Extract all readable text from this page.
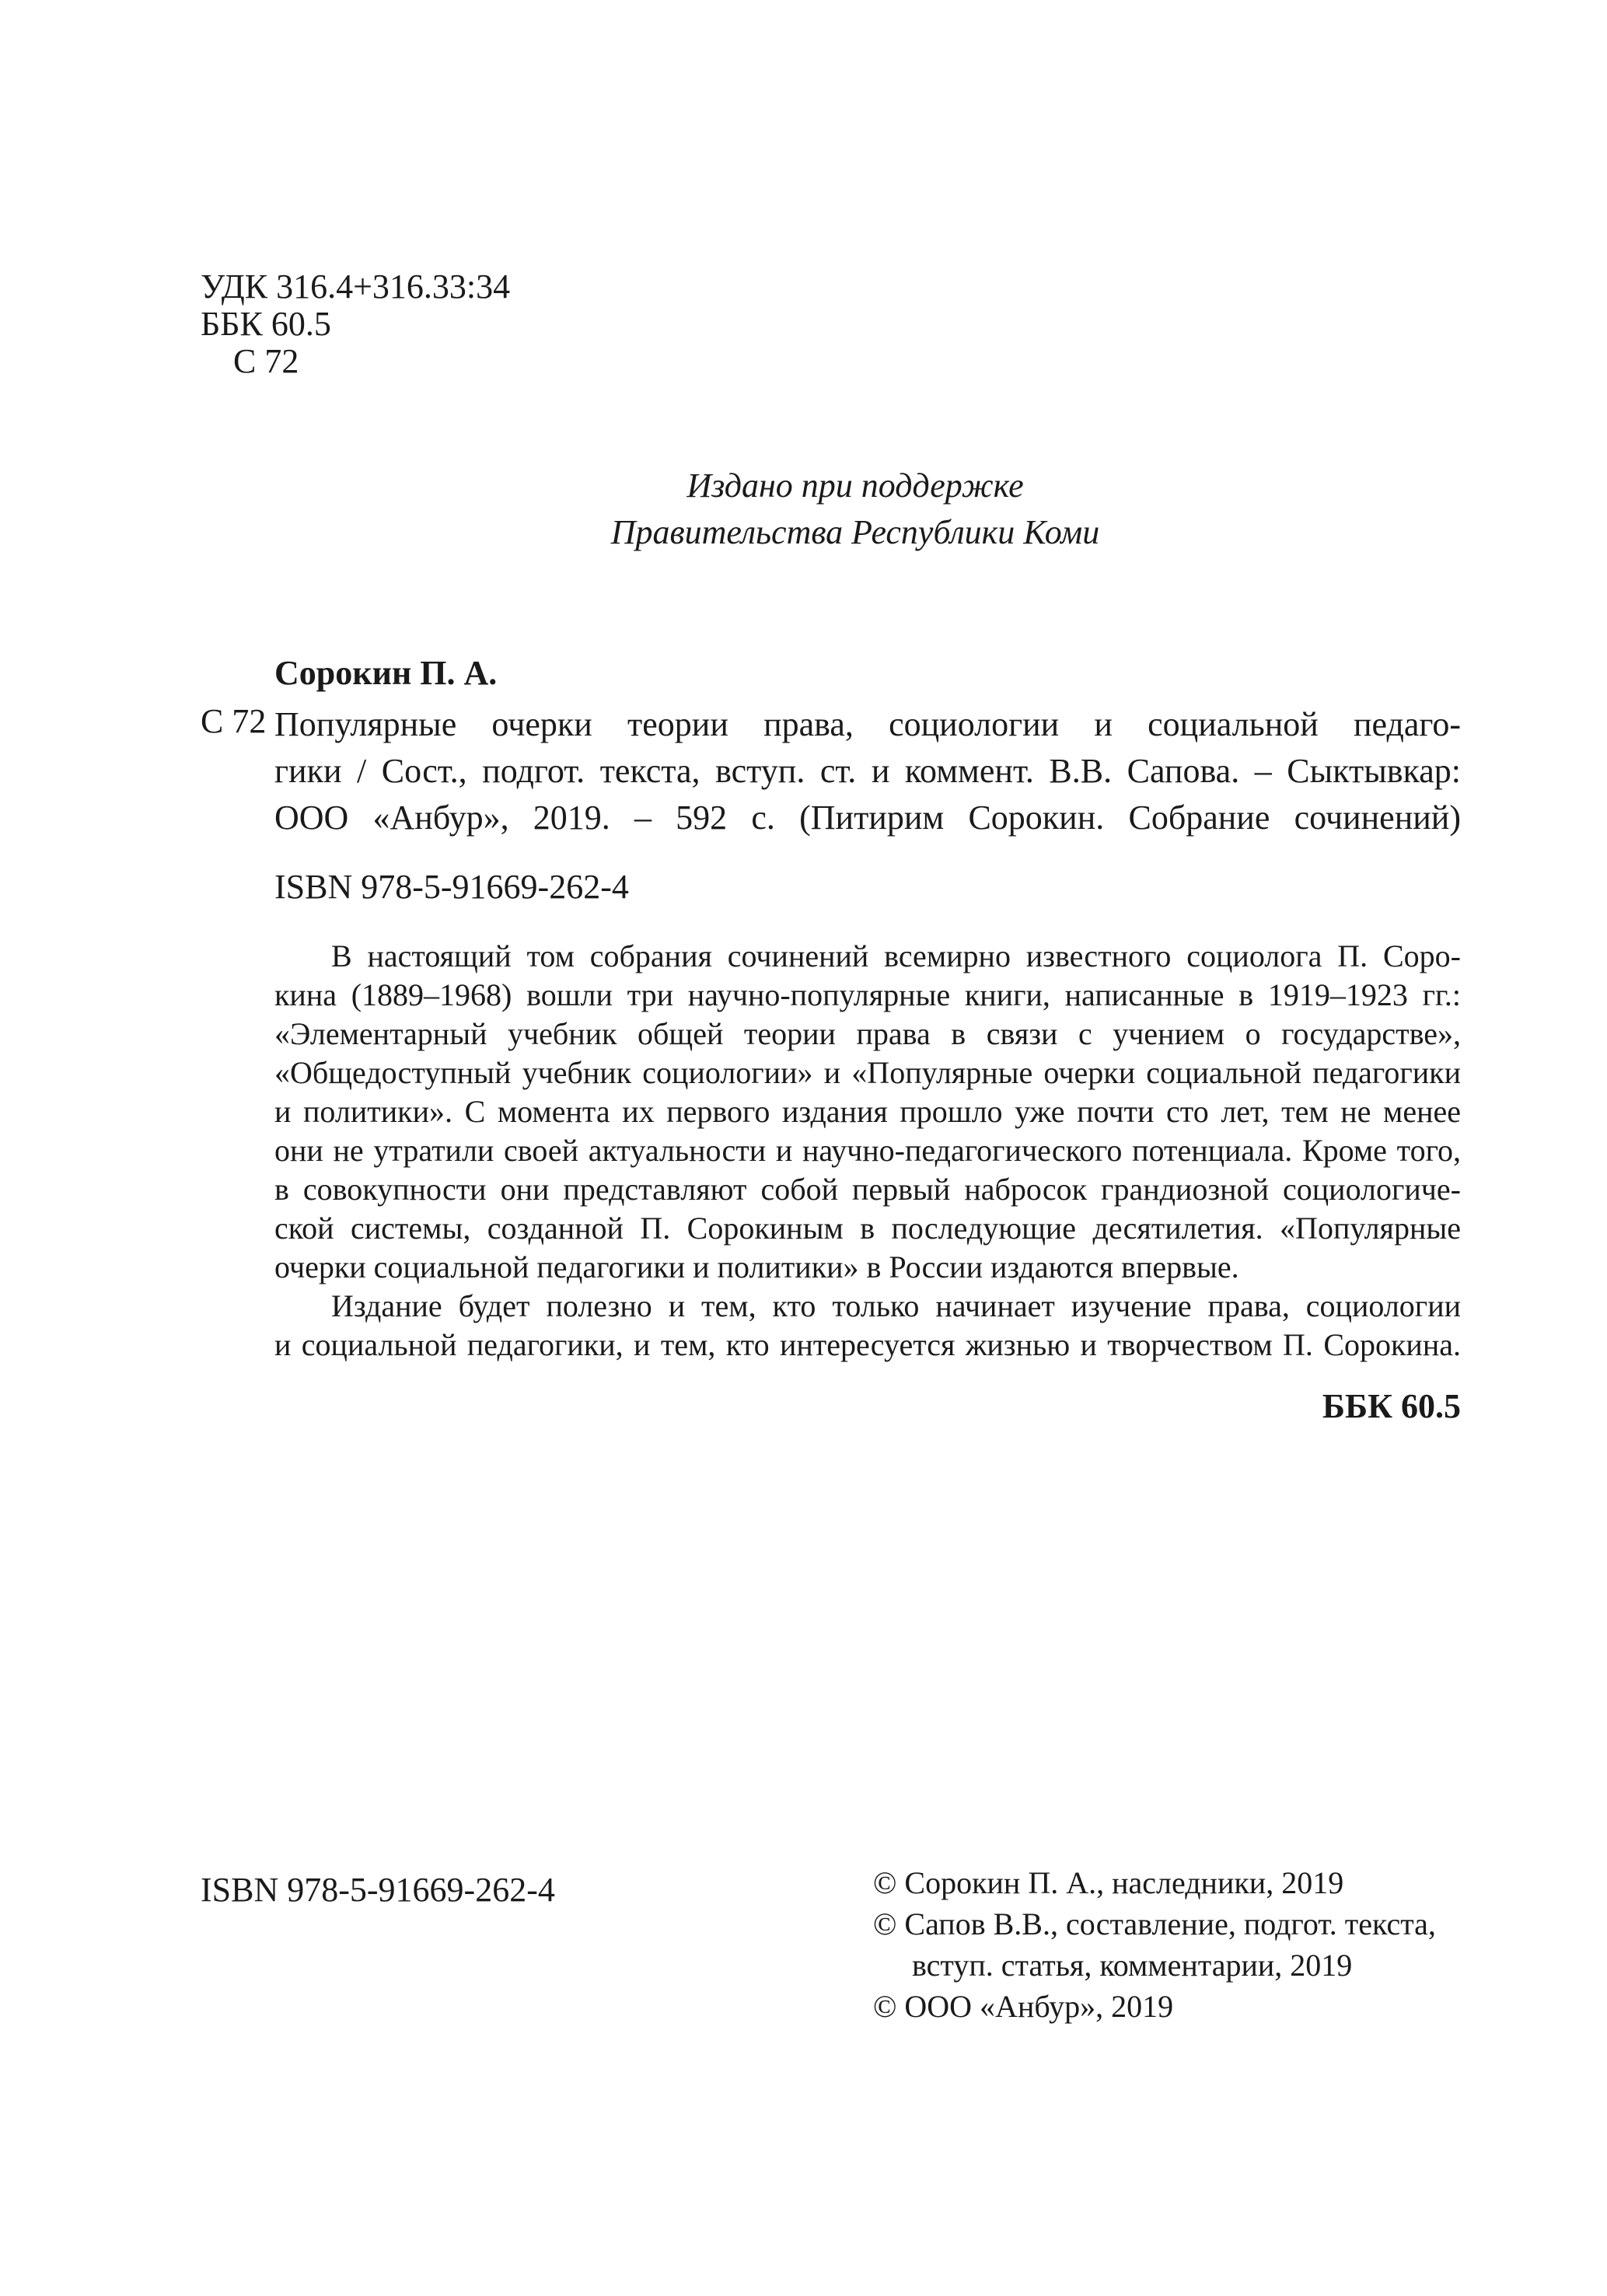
УДК 316.4+316.33:34
ББК 60.5
С 72
Издано при поддержке
Правительства Республики Коми
Сорокин П. А.
С 72 Популярные очерки теории права, социологии и социальной педаго-
гики / Сост., подгот. текста, вступ. ст. и коммент. В.В. Сапова. – Сыктывкар:
ООО «Анбур», 2019. – 592 с. (Питирим Сорокин. Собрание сочинений)
ISBN 978-5-91669-262-4
В настоящий том собрания сочинений всемирно известного социолога П. Соро-
кина (1889–1968) вошли три научно-популярные книги, написанные в 1919–1923 гг.:
«Элементарный учебник общей теории права в связи с учением о государстве»,
«Общедоступный учебник социологии» и «Популярные очерки социальной педагогики
и политики». С момента их первого издания прошло уже почти сто лет, тем не менее
они не утратили своей актуальности и научно-педагогического потенциала. Кроме того,
в совокупности они представляют собой первый набросок грандиозной социологиче-
ской системы, созданной П. Сорокиным в последующие десятилетия. «Популярные
очерки социальной педагогики и политики» в России издаются впервые.
Издание будет полезно и тем, кто только начинает изучение права, социологии
и социальной педагогики, и тем, кто интересуется жизнью и творчеством П. Сорокина.
ББК 60.5
ISBN 978-5-91669-262-4	© Сорокин П. А., наследники, 2019
© Сапов В.В., составление, подгот. текста,
вступ. статья, комментарии, 2019
© ООО «Анбур», 2019
